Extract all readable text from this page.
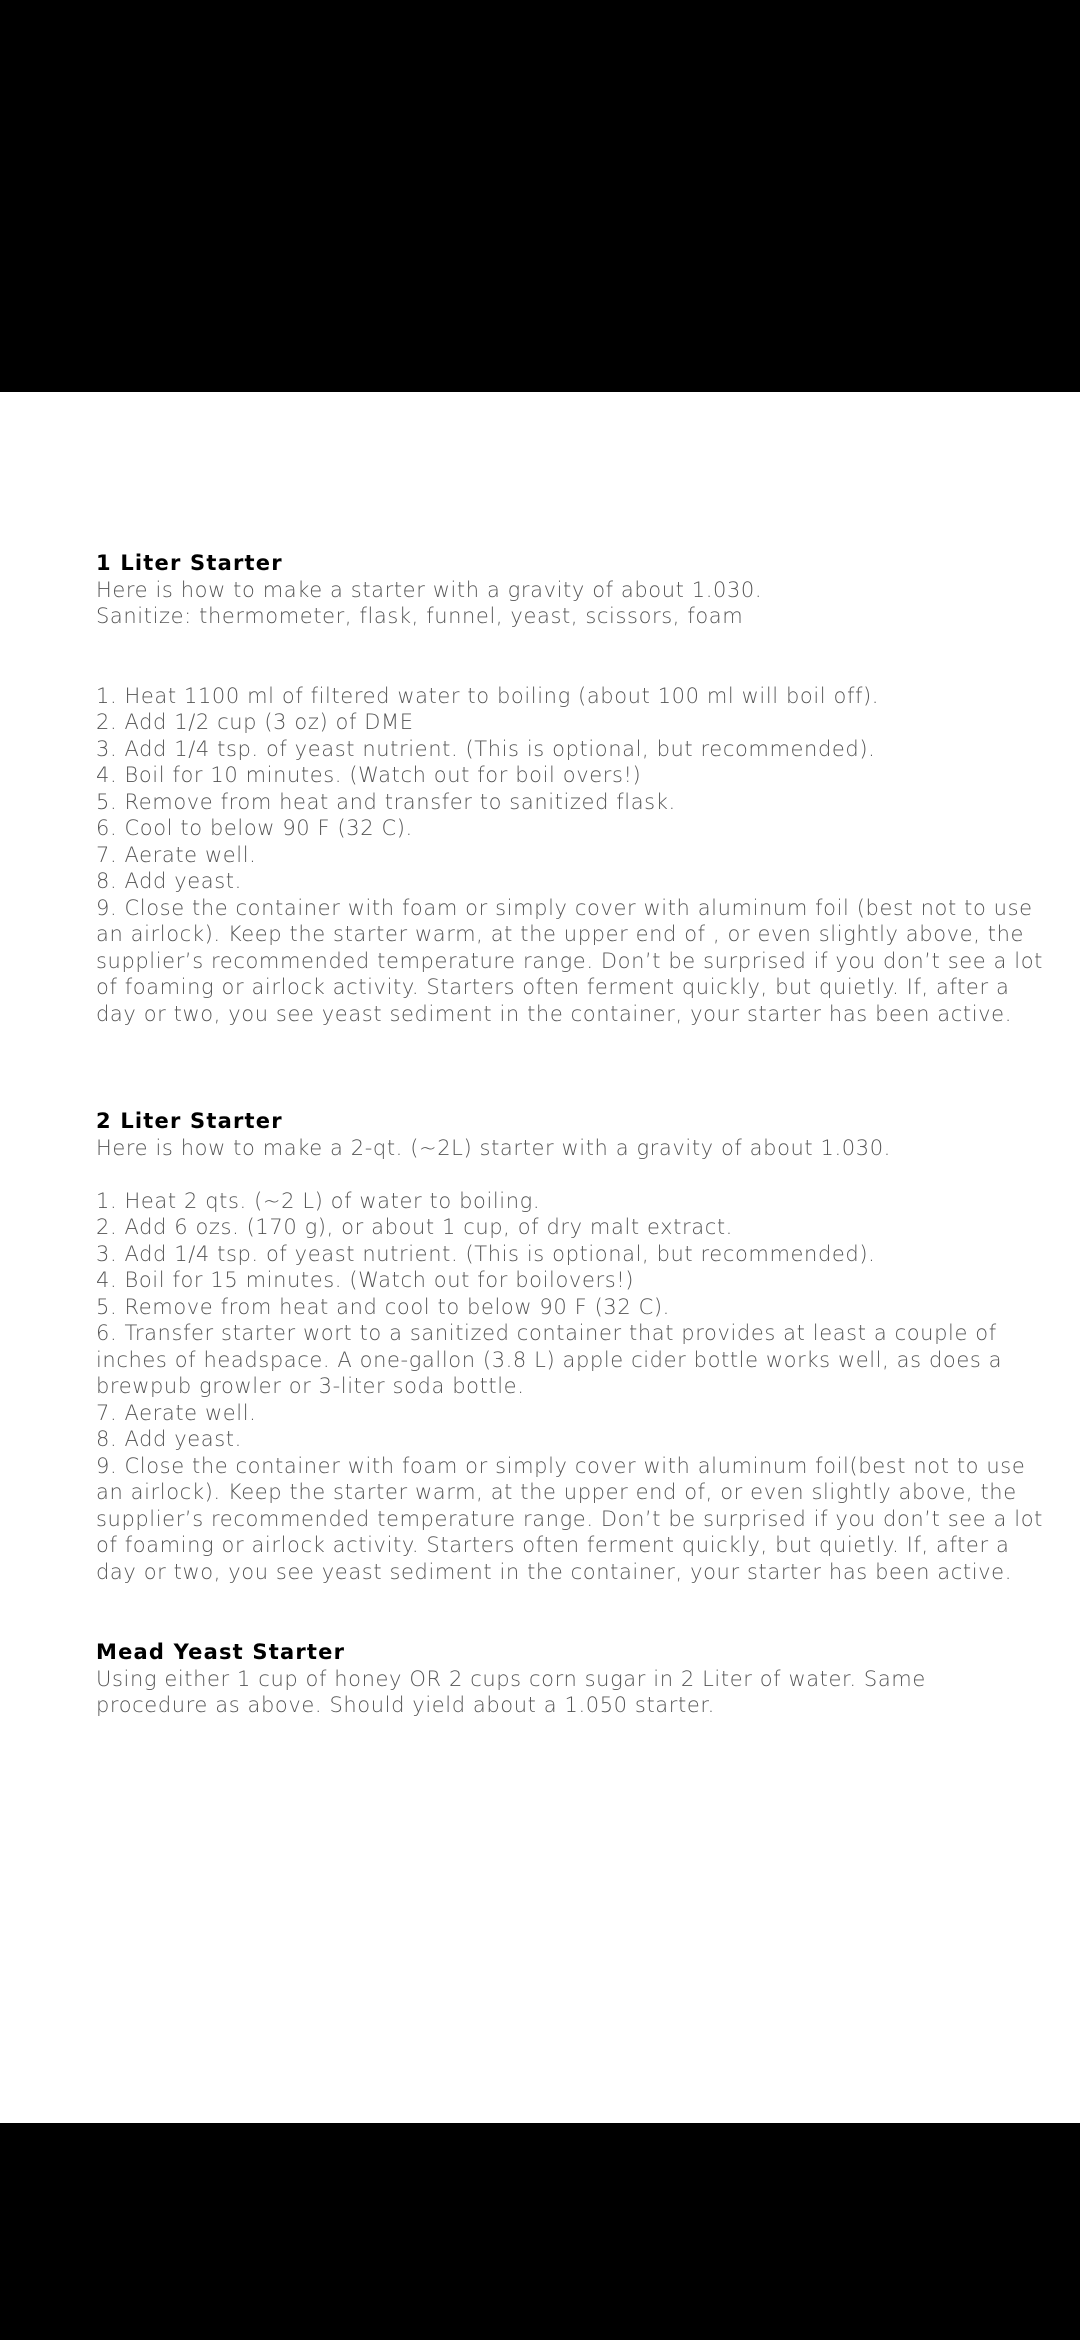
1 Liter Starter
Here is how to make a starter with a gravity of about 1.030.
Sanitize: thermometer, flask, funnel, yeast, scissors, foam
1. Heat 1100 ml of filtered water to boiling (about 100 ml will boil off).
2. Add 1/2 cup (3 oz) of DME
3. Add 1/4 tsp. of yeast nutrient. (This is optional, but recommended).
4. Boil for 10 minutes. (Watch out for boil overs!)
5. Remove from heat and transfer to sanitized flask.
6. Cool to below 90 F (32 C).
7. Aerate well.
8. Add yeast.
9. Close the container with foam or simply cover with aluminum foil (best not to use
an airlock). Keep the starter warm, at the upper end of , or even slightly above, the
supplier’s recommended temperature range. Don’t be surprised if you don’t see a lot
of foaming or airlock activity. Starters often ferment quickly, but quietly. If, after a
day or two, you see yeast sediment in the container, your starter has been active.
2 Liter Starter
Here is how to make a 2-qt. (~2L) starter with a gravity of about 1.030.
1. Heat 2 qts. (~2 L) of water to boiling.
2. Add 6 ozs. (170 g), or about 1 cup, of dry malt extract.
3. Add 1/4 tsp. of yeast nutrient. (This is optional, but recommended).
4. Boil for 15 minutes. (Watch out for boilovers!)
5. Remove from heat and cool to below 90 F (32 C).
6. Transfer starter wort to a sanitized container that provides at least a couple of
inches of headspace. A one-gallon (3.8 L) apple cider bottle works well, as does a
brewpub growler or 3-liter soda bottle.
7. Aerate well.
8. Add yeast.
9. Close the container with foam or simply cover with aluminum foil(best not to use
an airlock). Keep the starter warm, at the upper end of, or even slightly above, the
supplier’s recommended temperature range. Don’t be surprised if you don’t see a lot
of foaming or airlock activity. Starters often ferment quickly, but quietly. If, after a
day or two, you see yeast sediment in the container, your starter has been active.
Mead Yeast Starter
Using either 1 cup of honey OR 2 cups corn sugar in 2 Liter of water. Same
procedure as above. Should yield about a 1.050 starter.
